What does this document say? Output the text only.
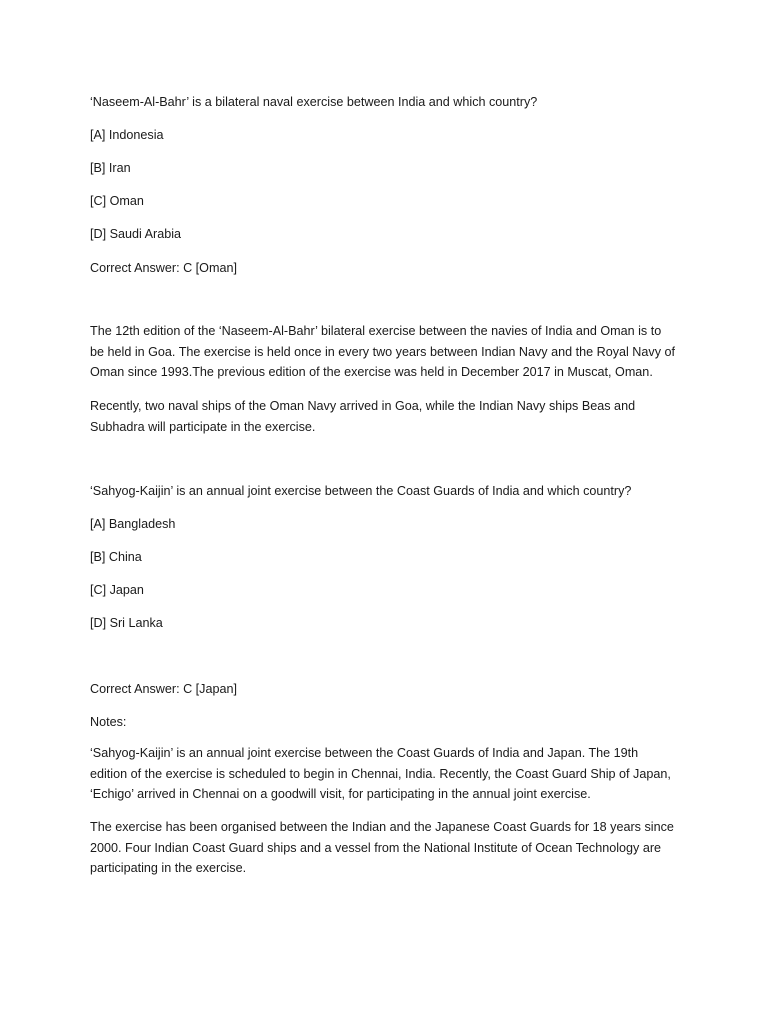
‘Naseem-Al-Bahr’ is a bilateral naval exercise between India and which country?

[A] Indonesia

[B] Iran

[C] Oman

[D] Saudi Arabia

Correct Answer: C [Oman]

The 12th edition of the ‘Naseem-Al-Bahr’ bilateral exercise between the navies of India and Oman is to be held in Goa. The exercise is held once in every two years between Indian Navy and the Royal Navy of Oman since 1993.The previous edition of the exercise was held in December 2017 in Muscat, Oman.

Recently, two naval ships of the Oman Navy arrived in Goa, while the Indian Navy ships Beas and Subhadra will participate in the exercise.

‘Sahyog-Kaijin’ is an annual joint exercise between the Coast Guards of India and which country?

[A] Bangladesh

[B] China

[C] Japan

[D] Sri Lanka

Correct Answer: C [Japan]

Notes:

‘Sahyog-Kaijin’ is an annual joint exercise between the Coast Guards of India and Japan. The 19th edition of the exercise is scheduled to begin in Chennai, India. Recently, the Coast Guard Ship of Japan, ‘Echigo’ arrived in Chennai on a goodwill visit, for participating in the annual joint exercise.

The exercise has been organised between the Indian and the Japanese Coast Guards for 18 years since 2000. Four Indian Coast Guard ships and a vessel from the National Institute of Ocean Technology are participating in the exercise.
